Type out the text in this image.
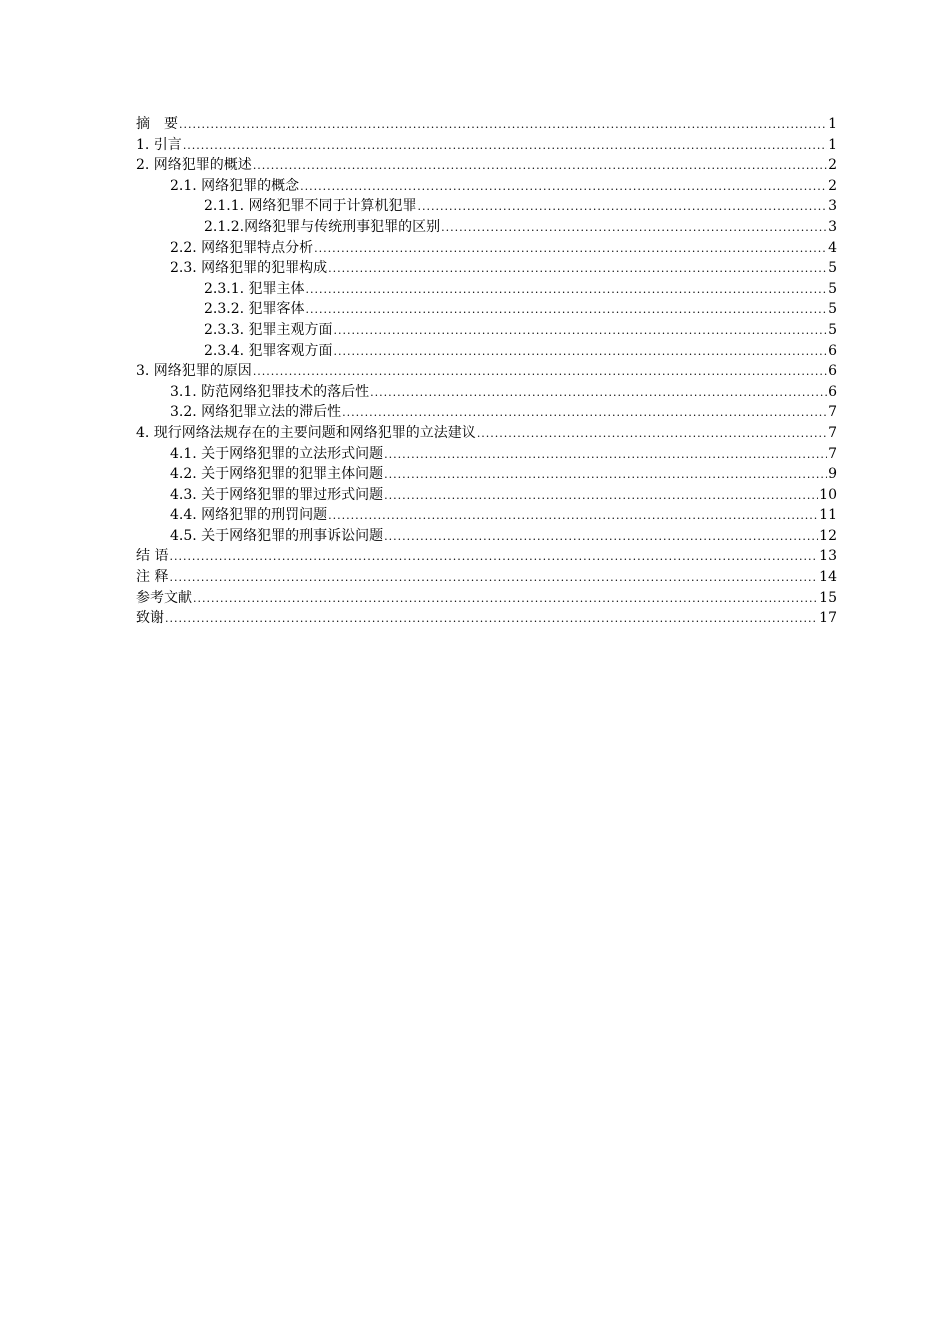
摘　要 .....	1
1. 引言 .....	1
2. 网络犯罪的概述 .....	2
2.1. 网络犯罪的概念 .....	2
2.1.1. 网络犯罪不同于计算机犯罪 .....	3
2.1.2.网络犯罪与传统刑事犯罪的区别 .....	3
2.2. 网络犯罪特点分析 .....	4
2.3. 网络犯罪的犯罪构成 .....	5
2.3.1. 犯罪主体 .....	5
2.3.2. 犯罪客体 .....	5
2.3.3. 犯罪主观方面 .....	5
2.3.4. 犯罪客观方面 .....	6
3. 网络犯罪的原因 .....	6
3.1. 防范网络犯罪技术的落后性 .....	6
3.2. 网络犯罪立法的滞后性 .....	7
4. 现行网络法规存在的主要问题和网络犯罪的立法建议 .....	7
4.1. 关于网络犯罪的立法形式问题 .....	7
4.2. 关于网络犯罪的犯罪主体问题 .....	9
4.3. 关于网络犯罪的罪过形式问题 .....	10
4.4. 网络犯罪的刑罚问题 .....	11
4.5. 关于网络犯罪的刑事诉讼问题 .....	12
结 语 .....	13
注 释 .....	14
参考文献 .....	15
致谢 .....	17
